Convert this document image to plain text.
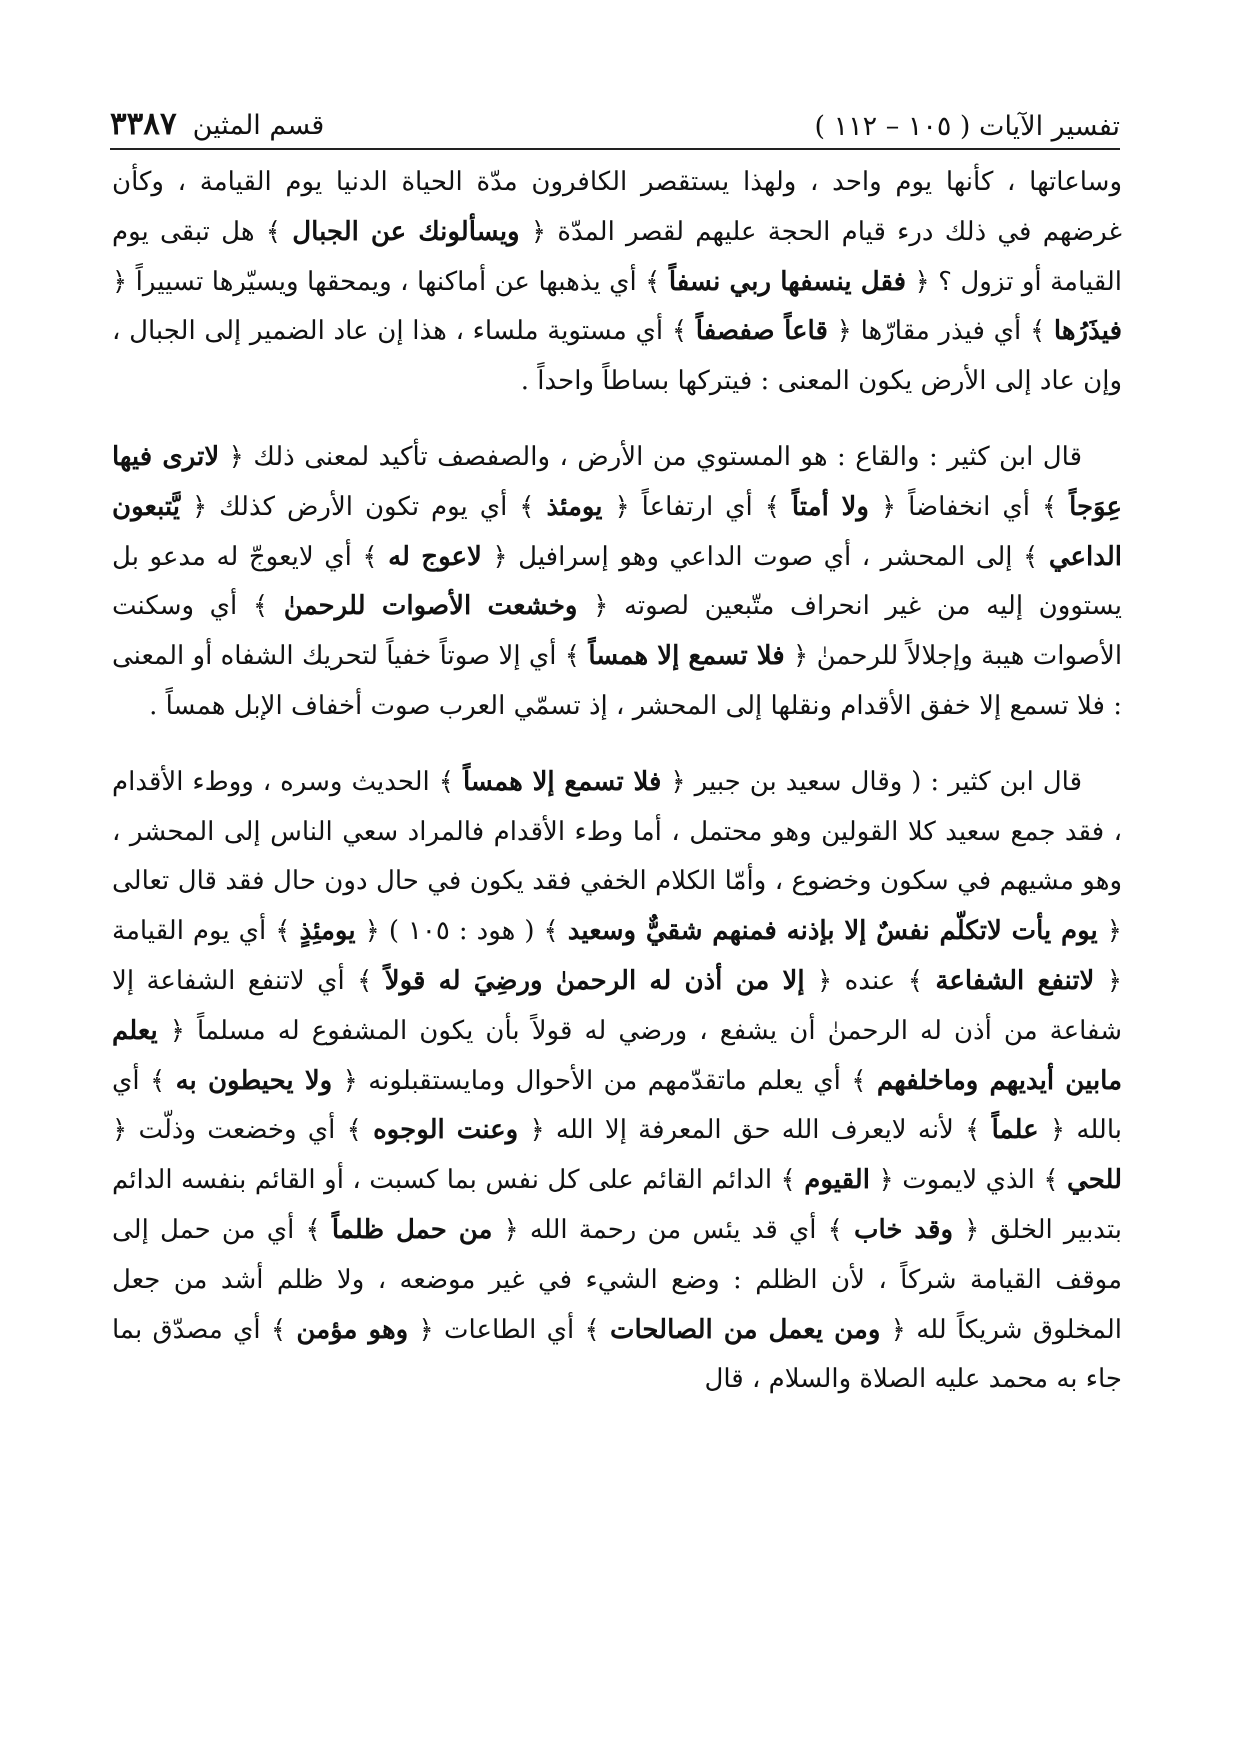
تفسير الآيات ( ١٠٥ – ١١٢ )
قسم المثين
٣٣٨٧

وساعاتها ، كأنها يوم واحد ، ولهذا يستقصر الكافرون مدّة الحياة الدنيا يوم القيامة ، وكأن غرضهم في ذلك درء قيام الحجة عليهم لقصر المدّة ﴿ ويسألونك عن الجبال ﴾ هل تبقى يوم القيامة أو تزول ؟ ﴿ فقل ينسفها ربي نسفاً ﴾ أي يذهبها عن أماكنها ، ويمحقها ويسيّرها تسييراً ﴿ فيذَرُها ﴾ أي فيذر مقارّها ﴿ قاعاً صفصفاً ﴾ أي مستوية ملساء ، هذا إن عاد الضمير إلى الجبال ، وإن عاد إلى الأرض يكون المعنى : فيتركها بساطاً واحداً .

قال ابن كثير : والقاع : هو المستوي من الأرض ، والصفصف تأكيد لمعنى ذلك ﴿ لاترى فيها عِوَجاً ﴾ أي انخفاضاً ﴿ ولا أمتاً ﴾ أي ارتفاعاً ﴿ يومئذ ﴾ أي يوم تكون الأرض كذلك ﴿ يَّتبعون الداعي ﴾ إلى المحشر ، أي صوت الداعي وهو إسرافيل ﴿ لاعوج له ﴾ أي لايعوجّ له مدعو بل يستوون إليه من غير انحراف متّبعين لصوته ﴿ وخشعت الأصوات للرحمنٰ ﴾ أي وسكنت الأصوات هيبة وإجلالاً للرحمنٰ ﴿ فلا تسمع إلا همساً ﴾ أي إلا صوتاً خفياً لتحريك الشفاه أو المعنى : فلا تسمع إلا خفق الأقدام ونقلها إلى المحشر ، إذ تسمّي العرب صوت أخفاف الإبل همساً .

قال ابن كثير : ( وقال سعيد بن جبير ﴿ فلا تسمع إلا همساً ﴾ الحديث وسره ، ووطء الأقدام ، فقد جمع سعيد كلا القولين وهو محتمل ، أما وطء الأقدام فالمراد سعي الناس إلى المحشر ، وهو مشيهم في سكون وخضوع ، وأمّا الكلام الخفي فقد يكون في حال دون حال فقد قال تعالى ﴿ يوم يأت لاتكلّم نفسٌ إلا بإذنه فمنهم شقيٌّ وسعيد ﴾ ( هود : ١٠٥ ) ﴿ يومئِذٍ ﴾ أي يوم القيامة ﴿ لاتنفع الشفاعة ﴾ عنده ﴿ إلا من أذن له الرحمنٰ ورضِيَ له قولاً ﴾ أي لاتنفع الشفاعة إلا شفاعة من أذن له الرحمنٰ أن يشفع ، ورضي له قولاً بأن يكون المشفوع له مسلماً ﴿ يعلم مابين أيديهم وماخلفهم ﴾ أي يعلم ماتقدّمهم من الأحوال ومايستقبلونه ﴿ ولا يحيطون به ﴾ أي بالله ﴿ علماً ﴾ لأنه لايعرف الله حق المعرفة إلا الله ﴿ وعنت الوجوه ﴾ أي وخضعت وذلّت ﴿ للحي ﴾ الذي لايموت ﴿ القيوم ﴾ الدائم القائم على كل نفس بما كسبت ، أو القائم بنفسه الدائم بتدبير الخلق ﴿ وقد خاب ﴾ أي قد يئس من رحمة الله ﴿ من حمل ظلماً ﴾ أي من حمل إلى موقف القيامة شركاً ، لأن الظلم : وضع الشيء في غير موضعه ، ولا ظلم أشد من جعل المخلوق شريكاً لله ﴿ ومن يعمل من الصالحات ﴾ أي الطاعات ﴿ وهو مؤمن ﴾ أي مصدّق بما جاء به محمد عليه الصلاة والسلام ، قال
